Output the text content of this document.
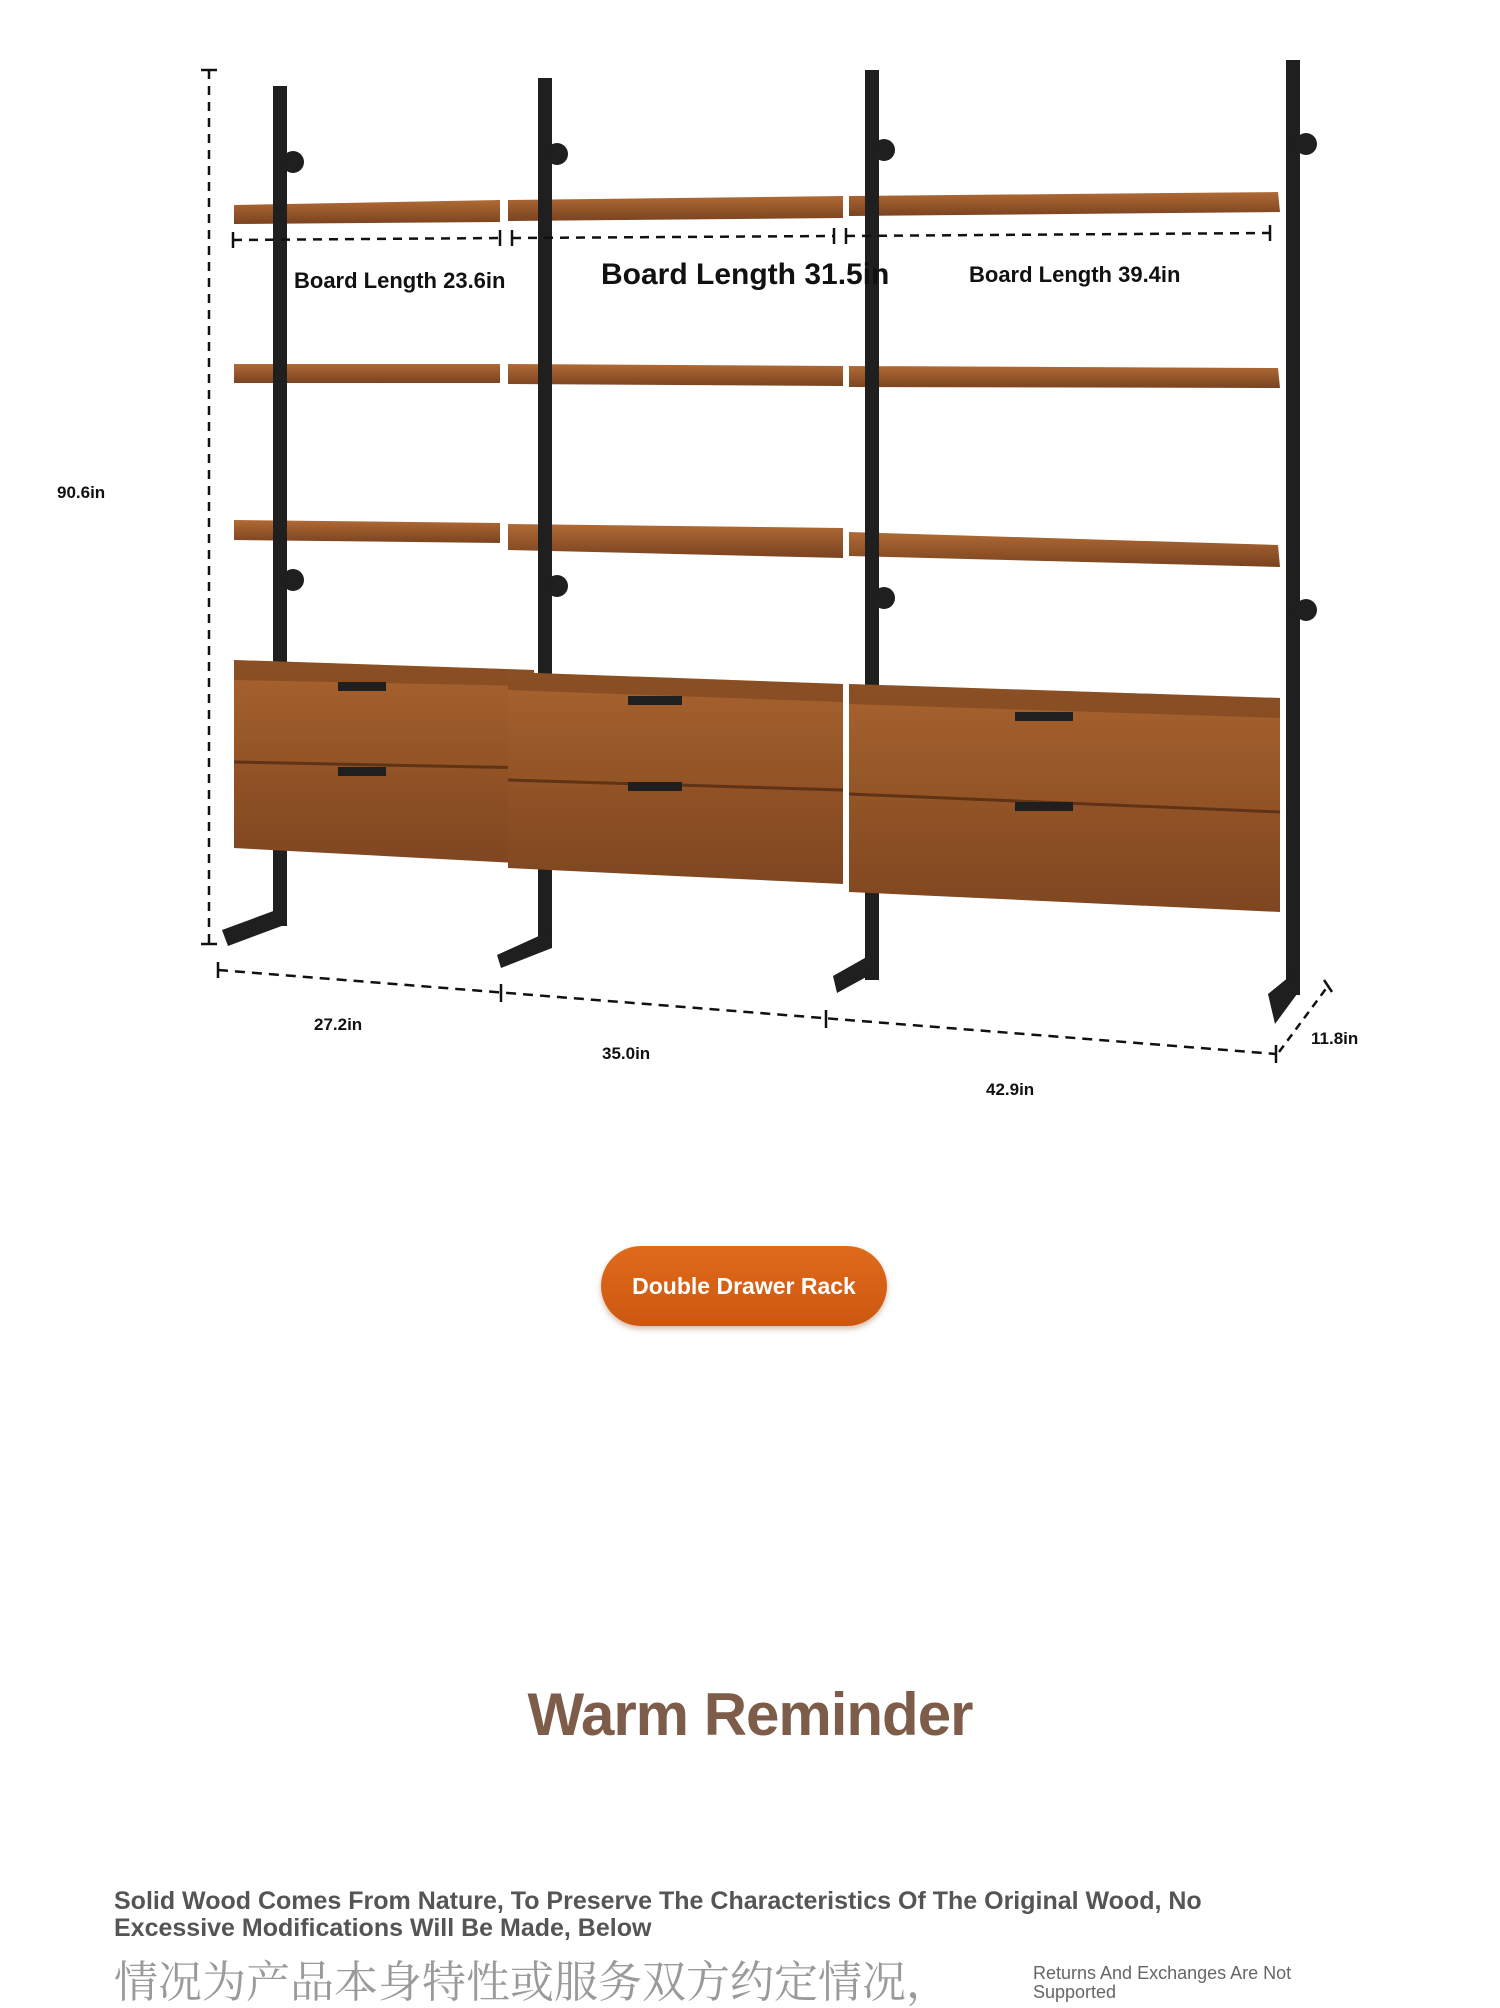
90.6in
Board Length 23.6in	Board Length 31.5in	Board Length 39.4in
27.2in
35.0in
42.9in
11.8in
Double Drawer Rack
Warm Reminder

Solid Wood Comes From Nature, To Preserve The Characteristics Of The Original Wood, No Excessive Modifications Will Be Made, Below

情况为产品本身特性或服务双方约定情况，	Returns And Exchanges Are Not Supported
